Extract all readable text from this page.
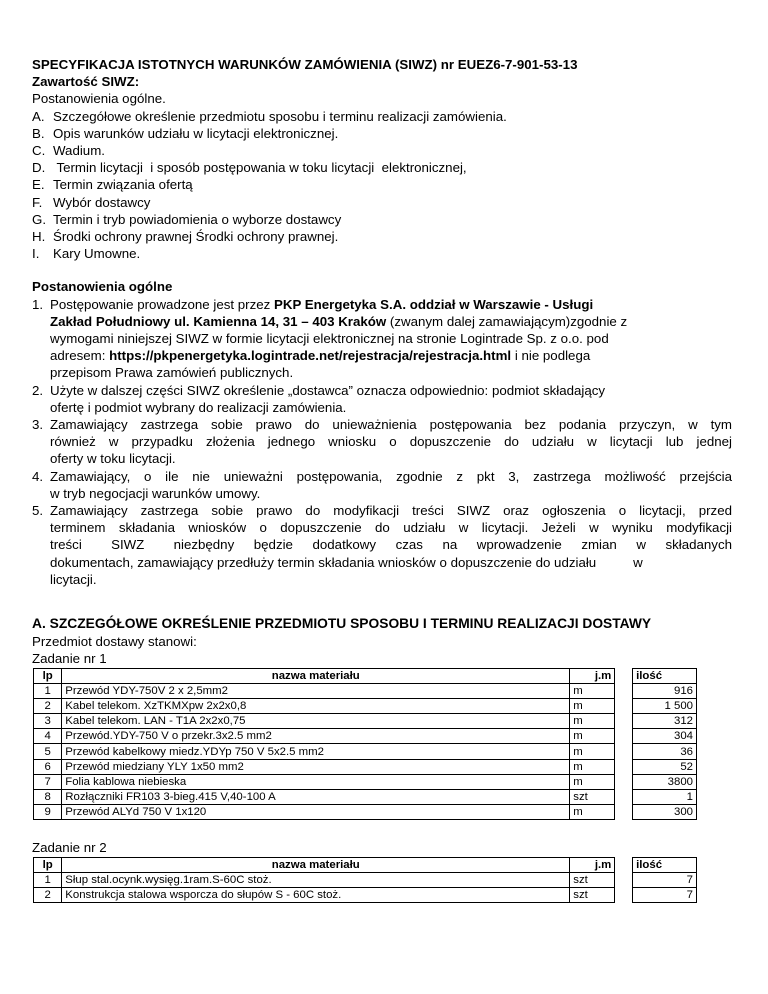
SPECYFIKACJA ISTOTNYCH WARUNKÓW ZAMÓWIENIA (SIWZ) nr EUEZ6-7-901-53-13
Zawartość SIWZ:
Postanowienia ogólne.
A. Szczegółowe określenie przedmiotu sposobu i terminu realizacji zamówienia.
B. Opis warunków udziału w licytacji elektronicznej.
C. Wadium.
D. Termin licytacji  i sposób postępowania w toku licytacji  elektronicznej,
E. Termin związania ofertą
F. Wybór dostawcy
G. Termin i tryb powiadomienia o wyborze dostawcy
H. Środki ochrony prawnej Środki ochrony prawnej.
I.	Kary Umowne.
Postanowienia ogólne
1. Postępowanie prowadzone jest przez PKP Energetyka S.A. oddział w Warszawie - Usługi

Zakład Południowy ul. Kamienna 14, 31 – 403 Kraków (zwanym dalej zamawiającym)zgodnie z

wymogami niniejszej SIWZ w formie licytacji elektronicznej na stronie Logintrade Sp. z o.o. pod

adresem: https://pkpenergetyka.logintrade.net/rejestracja/rejestracja.html i nie podlega

przepisom Prawa zamówień publicznych.

2. Użyte w dalszej części SIWZ określenie „dostawca” oznacza odpowiednio: podmiot składający

ofertę i podmiot wybrany do realizacji zamówienia.

3. Zamawiający zastrzega sobie prawo do unieważnienia postępowania bez podania przyczyn, w tym

również w przypadku złożenia jednego wniosku o dopuszczenie do udziału w licytacji lub jednej

oferty w toku licytacji.

4. Zamawiający, o ile nie unieważni postępowania, zgodnie z pkt 3, zastrzega możliwość przejścia

w tryb negocjacji warunków umowy.

5. Zamawiający zastrzega sobie prawo do modyfikacji treści SIWZ oraz ogłoszenia o licytacji, przed

terminem składania wniosków o dopuszczenie do udziału w licytacji. Jeżeli w wyniku modyfikacji

treści   SIWZ   niezbędny  będzie  dodatkowy  czas  na  wprowadzenie  zmian  w  składanych

dokumentach, zamawiający przedłuży termin składania wniosków o dopuszczenie do udziału          w

licytacji.

A. SZCZEGÓŁOWE OKREŚLENIE PRZEDMIOTU SPOSOBU I TERMINU REALIZACJI DOSTAWY
Przedmiot dostawy stanowi:
Zadanie nr 1
lp	nazwa materiału	j.m		ilość
1	Przewód YDY-750V 2 x 2,5mm2	m		916
2	Kabel telekom. XzTKMXpw 2x2x0,8	m		1 500
3	Kabel telekom. LAN - T1A 2x2x0,75	m		312
4	Przewód.YDY-750 V o przekr.3x2.5 mm2	m		304
5	Przewód kabelkowy miedz.YDYp 750 V 5x2.5 mm2	m		36
6	Przewód miedziany YLY 1x50 mm2	m		52
7	Folia kablowa niebieska	m		3800
8	Rozłączniki FR103 3-bieg.415 V,40-100 A	szt		1
9	Przewód ALYd 750 V 1x120	m		300
Zadanie nr 2
lp	nazwa materiału	j.m		ilość
1	Słup stal.ocynk.wysięg.1ram.S-60C stoż.	szt		7
2	Konstrukcja stalowa wsporcza do słupów S - 60C stoż.	szt		7
